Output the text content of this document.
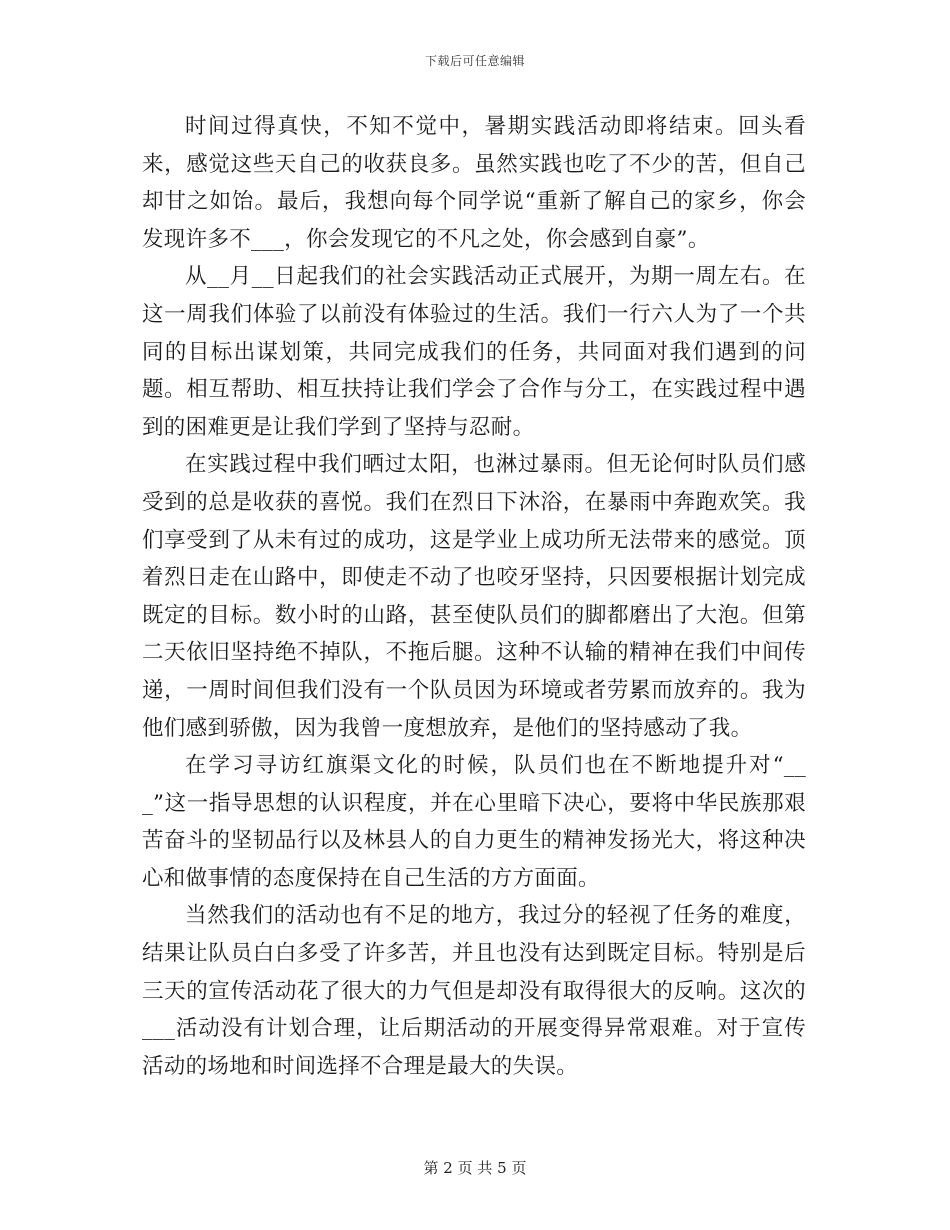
下载后可任意编辑

时间过得真快，不知不觉中，暑期实践活动即将结束。回头看来，感觉这些天自己的收获良多。虽然实践也吃了不少的苦，但自己却甘之如饴。最后，我想向每个同学说“重新了解自己的家乡，你会发现许多不___，你会发现它的不凡之处，你会感到自豪”。

从__月__日起我们的社会实践活动正式展开，为期一周左右。在这一周我们体验了以前没有体验过的生活。我们一行六人为了一个共同的目标出谋划策，共同完成我们的任务，共同面对我们遇到的问题。相互帮助、相互扶持让我们学会了合作与分工，在实践过程中遇到的困难更是让我们学到了坚持与忍耐。

在实践过程中我们晒过太阳，也淋过暴雨。但无论何时队员们感受到的总是收获的喜悦。我们在烈日下沐浴，在暴雨中奔跑欢笑。我们享受到了从未有过的成功，这是学业上成功所无法带来的感觉。顶着烈日走在山路中，即使走不动了也咬牙坚持，只因要根据计划完成既定的目标。数小时的山路，甚至使队员们的脚都磨出了大泡。但第二天依旧坚持绝不掉队，不拖后腿。这种不认输的精神在我们中间传递，一周时间但我们没有一个队员因为环境或者劳累而放弃的。我为他们感到骄傲，因为我曾一度想放弃，是他们的坚持感动了我。

在学习寻访红旗渠文化的时候，队员们也在不断地提升对“___”这一指导思想的认识程度，并在心里暗下决心，要将中华民族那艰苦奋斗的坚韧品行以及林县人的自力更生的精神发扬光大，将这种决心和做事情的态度保持在自己生活的方方面面。

当然我们的活动也有不足的地方，我过分的轻视了任务的难度，结果让队员白白多受了许多苦，并且也没有达到既定目标。特别是后三天的宣传活动花了很大的力气但是却没有取得很大的反响。这次的___活动没有计划合理，让后期活动的开展变得异常艰难。对于宣传活动的场地和时间选择不合理是最大的失误。

第 2 页 共 5 页
